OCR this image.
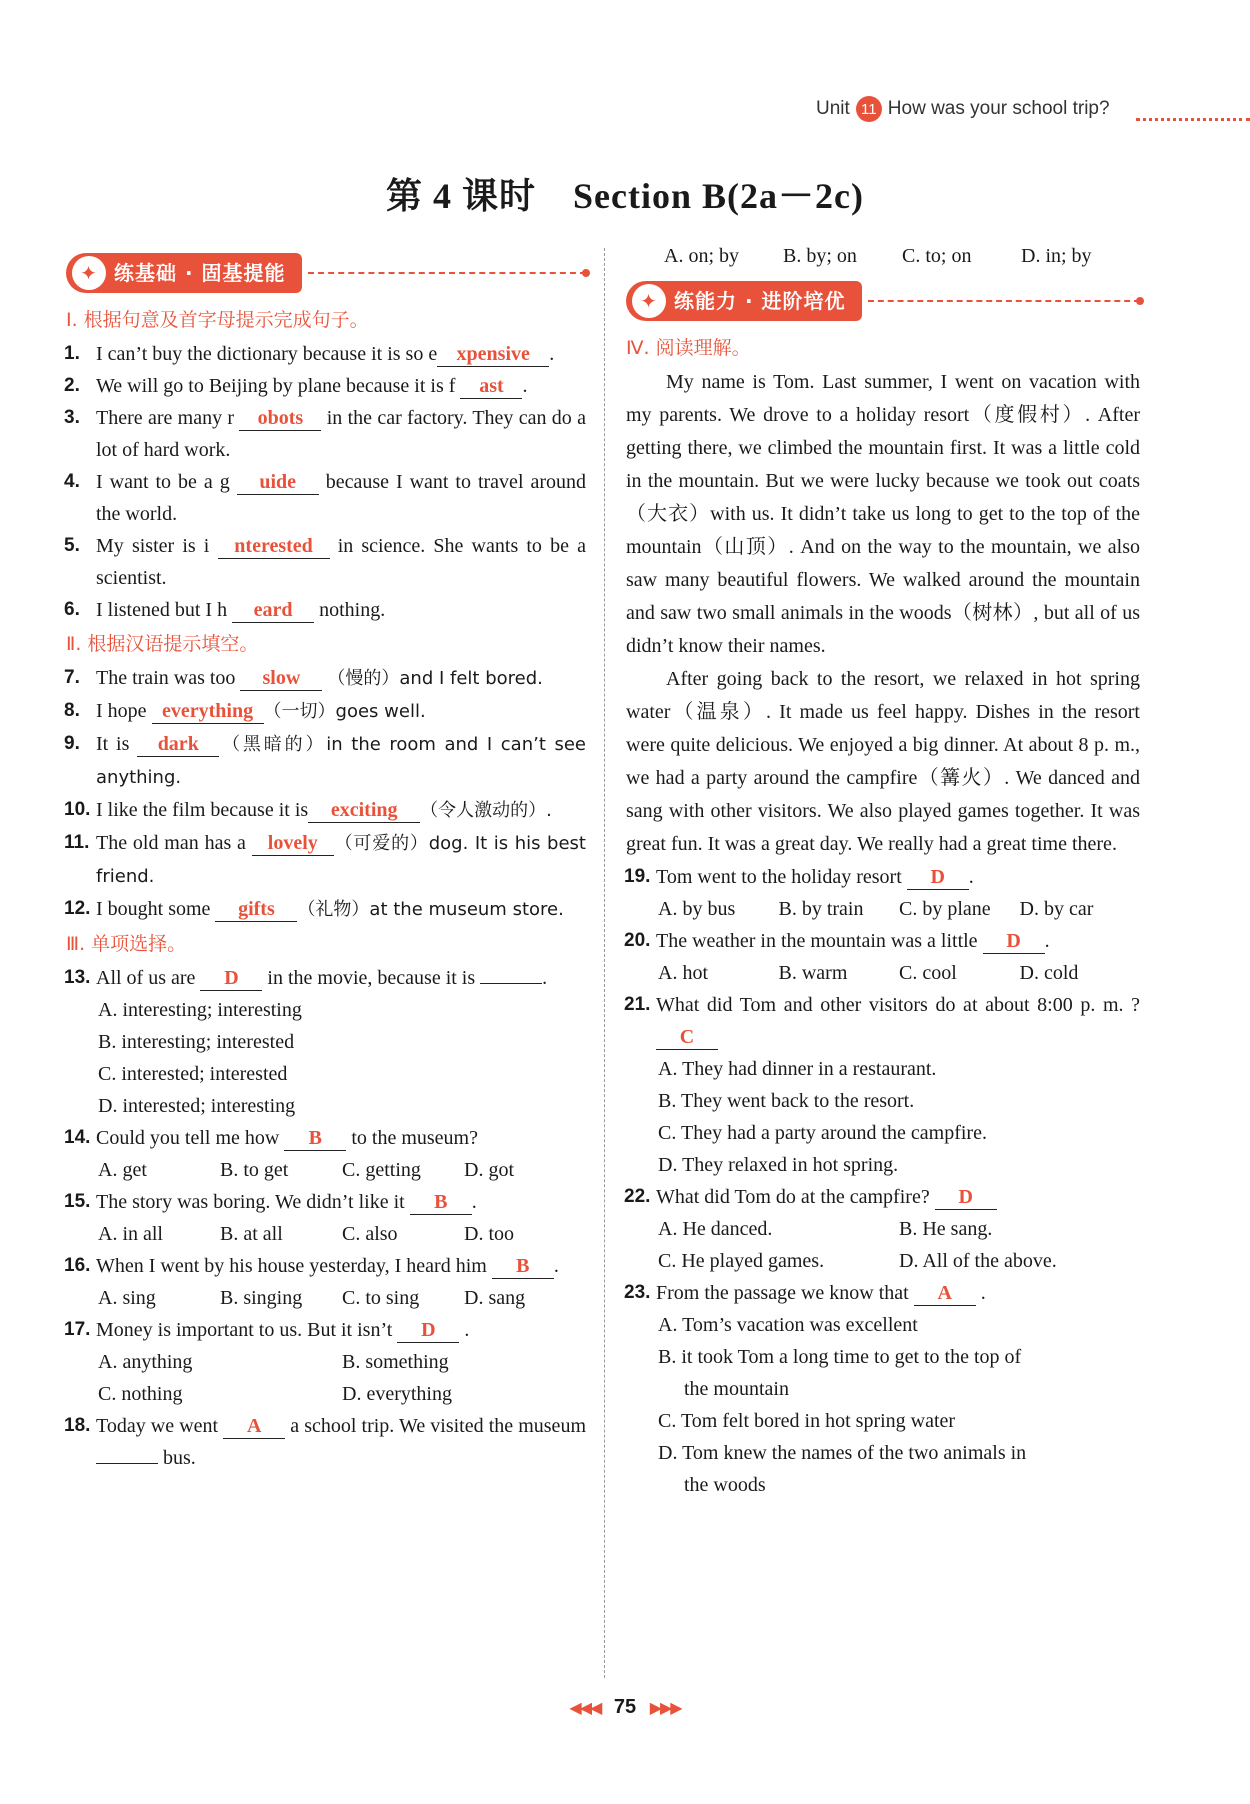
Unit 11 How was your school trip?
第 4 课时　Section B(2a－2c)
✦ 练基础 · 固基提能
Ⅰ. 根据句意及首字母提示完成句子。
1. I can’t buy the dictionary because it is so e xpensive .
2. We will go to Beijing by plane because it is f ast .
3. There are many r obots in the car factory. They can do a lot of hard work.
4. I want to be a g uide because I want to travel around the world.
5. My sister is i nterested in science. She wants to be a scientist.
6. I listened but I h eard nothing.
Ⅱ. 根据汉语提示填空。
7. The train was too slow （慢的）and I felt bored.
8. I hope everything （一切）goes well.
9. It is dark （黑暗的）in the room and I can’t see anything.
10. I like the film because it is exciting （令人激动的）.
11. The old man has a lovely （可爱的）dog. It is his best friend.
12. I bought some gifts （礼物）at the museum store.
Ⅲ. 单项选择。
13. All of us are D in the movie, because it is	.
A. interesting; interesting
B. interesting; interested
C. interested; interested
D. interested; interesting
14. Could you tell me how B to the museum?
A. get	B. to get	C. getting	D. got
15. The story was boring. We didn’t like it B .
A. in all	B. at all	C. also	D. too
16. When I went by his house yesterday, I heard him B .
A. sing	B. singing	C. to sing	D. sang
17. Money is important to us. But it isn’t D .
A. anything	B. something
C. nothing	D. everything
18. Today we went A a school trip. We visited the museum  bus.
A. on; by	B. by; on	C. to; on	D. in; by
✦ 练能力 · 进阶培优
Ⅳ. 阅读理解。

My name is Tom. Last summer, I went on vacation with my parents. We drove to a holiday resort（度假村）. After getting there, we climbed the mountain first. It was a little cold in the mountain. But we were lucky because we took out coats（大衣）with us. It didn’t take us long to get to the top of the mountain（山顶）. And on the way to the mountain, we also saw many beautiful flowers. We walked around the mountain and saw two small animals in the woods（树林）, but all of us didn’t know their names.

After going back to the resort, we relaxed in hot spring water（温泉）. It made us feel happy. Dishes in the resort were quite delicious. We enjoyed a big dinner. At about 8 p. m., we had a party around the campfire（篝火）. We danced and sang with other visitors. We also played games together. It was great fun. It was a great day. We really had a great time there.

19. Tom went to the holiday resort D .
A. by bus	B. by train	C. by plane	D. by car
20. The weather in the mountain was a little D .
A. hot	B. warm	C. cool	D. cold
21. What did Tom and other visitors do at about 8:00 p. m. ? C
A. They had dinner in a restaurant.
B. They went back to the resort.
C. They had a party around the campfire.
D. They relaxed in hot spring.
22. What did Tom do at the campfire? D
A. He danced.	B. He sang.
C. He played games.	D. All of the above.
23. From the passage we know that A .
A. Tom’s vacation was excellent
B. it took Tom a long time to get to the top of
the mountain
C. Tom felt bored in hot spring water
D. Tom knew the names of the two animals in
the woods
◀◀◀ 75 ▶▶▶
